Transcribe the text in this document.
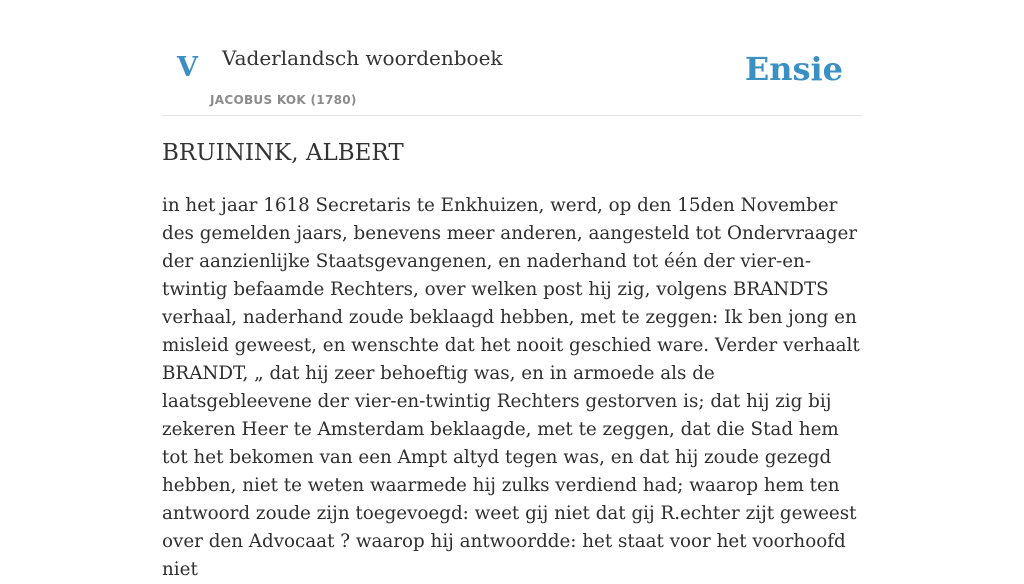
V Vaderlandsch woordenboek
JACOBUS KOK (1780)
Ensie
BRUININK, ALBERT

in het jaar 1618 Secretaris te Enkhuizen, werd, op den 15den November des gemelden jaars, benevens meer anderen, aangesteld tot Ondervraager der aanzienlijke Staatsgevangenen, en naderhand tot één der vier-en-twintig befaamde Rechters, over welken post hij zig, volgens BRANDTS verhaal, naderhand zoude beklaagd hebben, met te zeggen: Ik ben jong en misleid geweest, en wenschte dat het nooit geschied ware. Verder verhaalt BRANDT, „ dat hij zeer behoeftig was, en in armoede als de laatsgebleevene der vier-en-twintig Rechters gestorven is; dat hij zig bij zekeren Heer te Amsterdam beklaagde, met te zeggen, dat die Stad hem tot het bekomen van een Ampt altyd tegen was, en dat hij zoude gezegd hebben, niet te weten waarmede hij zulks verdiend had; waarop hem ten antwoord zoude zijn toegevoegd: weet gij niet dat gij R.echter zijt geweest over den Advocaat ? waarop hij antwoordde: het staat voor het voorhoofd niet
